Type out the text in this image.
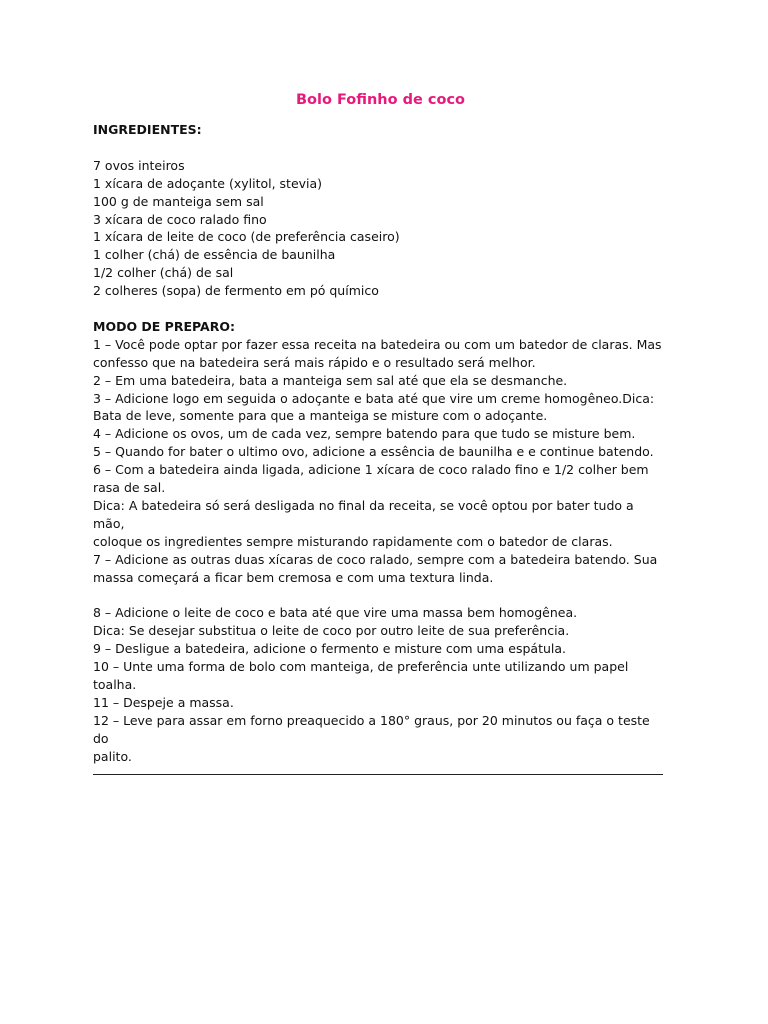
Bolo Fofinho de coco

INGREDIENTES:

7 ovos inteiros

1 xícara de adoçante (xylitol, stevia)

100 g de manteiga sem sal

3 xícara de coco ralado fino

1 xícara de leite de coco (de preferência caseiro)

1 colher (chá) de essência de baunilha

1/2 colher (chá) de sal

2 colheres (sopa) de fermento em pó químico

MODO DE PREPARO:

1 – Você pode optar por fazer essa receita na batedeira ou com um batedor de claras. Mas

confesso que na batedeira será mais rápido e o resultado será melhor.

2 – Em uma batedeira, bata a manteiga sem sal até que ela se desmanche.

3 – Adicione logo em seguida o adoçante e bata até que vire um creme homogêneo.Dica:

Bata de leve, somente para que a manteiga se misture com o adoçante.

4 – Adicione os ovos, um de cada vez, sempre batendo para que tudo se misture bem.

5 – Quando for bater o ultimo ovo, adicione a essência de baunilha e e continue batendo.

6 – Com a batedeira ainda ligada, adicione 1 xícara de coco ralado fino e 1/2 colher bem

rasa de sal.

Dica: A batedeira só será desligada no final da receita, se você optou por bater tudo a mão,

coloque os ingredientes sempre misturando rapidamente com o batedor de claras.

7 – Adicione as outras duas xícaras de coco ralado, sempre com a batedeira batendo. Sua

massa começará a ficar bem cremosa e com uma textura linda.

8 – Adicione o leite de coco e bata até que vire uma massa bem homogênea.

Dica: Se desejar substitua o leite de coco por outro leite de sua preferência.

9 – Desligue a batedeira, adicione o fermento e misture com uma espátula.

10 – Unte uma forma de bolo com manteiga, de preferência unte utilizando um papel

toalha.

11 – Despeje a massa.

12 – Leve para assar em forno preaquecido a 180° graus, por 20 minutos ou faça o teste do

palito.
